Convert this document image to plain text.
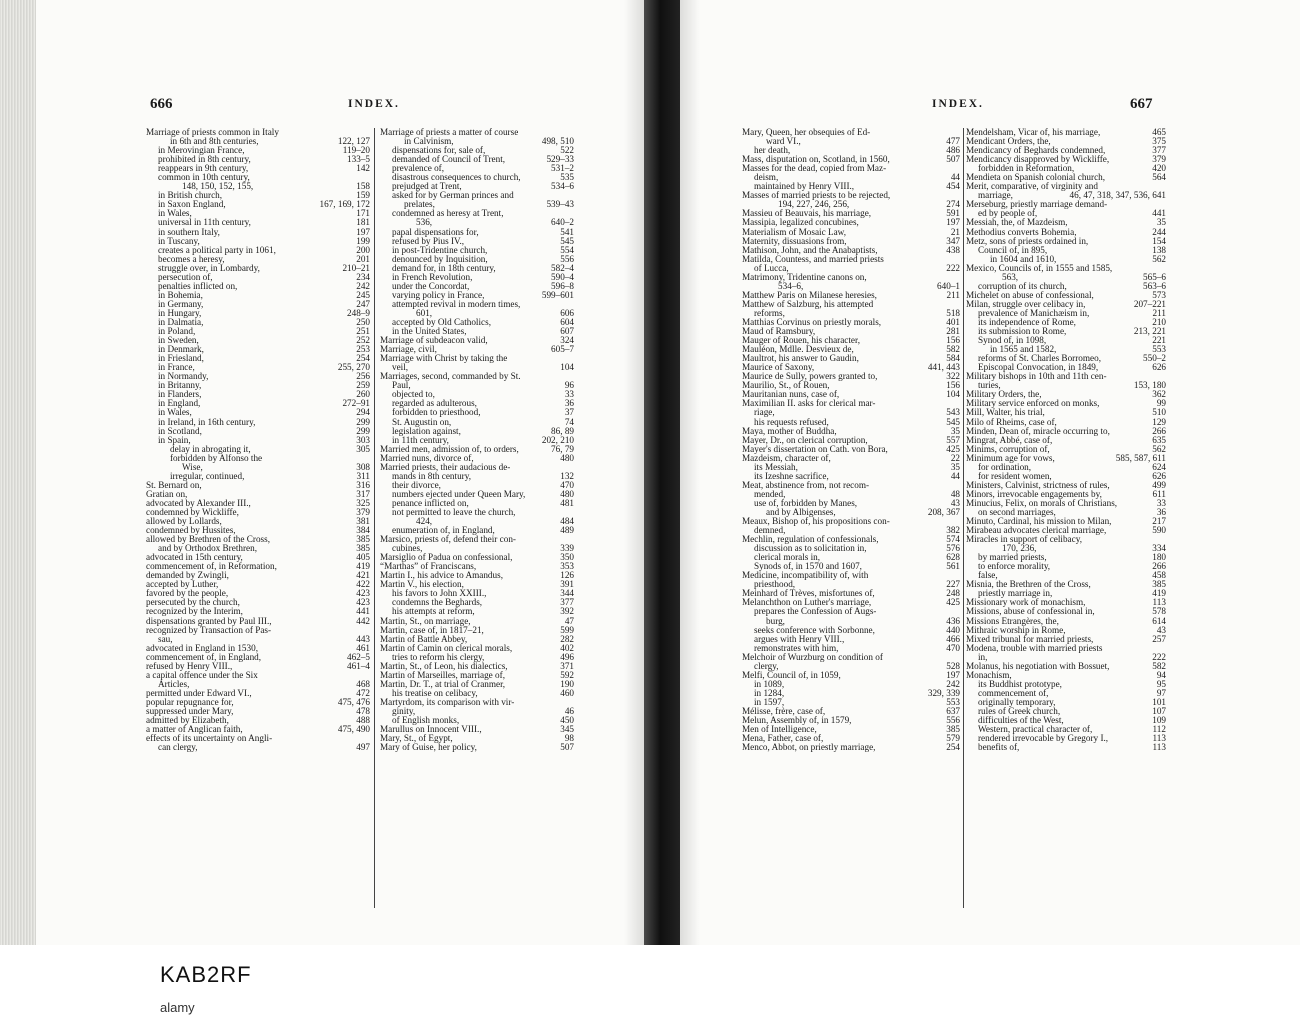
666	INDEX.	INDEX.	667
Marriage of priests common in Italy
in 6th and 8th centuries,	122, 127
in Merovingian France,	119–20
prohibited in 8th century,	133–5
reappears in 9th century,	142
common in 10th century,
148, 150, 152, 155,	158
in British church,	159
in Saxon England,	167, 169, 172
in Wales,	171
universal in 11th century,	181
in southern Italy,	197
in Tuscany,	199
creates a political party in 1061,	200
becomes a heresy,	201
struggle over, in Lombardy,	210–21
persecution of,	234
penalties inflicted on,	242
in Bohemia,	245
in Germany,	247
in Hungary,	248–9
in Dalmatia,	250
in Poland,	251
in Sweden,	252
in Denmark,	253
in Friesland,	254
in France,	255, 270
in Normandy,	256
in Britanny,	259
in Flanders,	260
in England,	272–91
in Wales,	294
in Ireland, in 16th century,	299
in Scotland,	299
in Spain,	303
delay in abrogating it,	305
forbidden by Alfonso the
Wise,	308
irregular, continued,	311
St. Bernard on,	316
Gratian on,	317
advocated by Alexander III.,	325
condemned by Wickliffe,	379
allowed by Lollards,	381
condemned by Hussites,	384
allowed by Brethren of the Cross,	385
and by Orthodox Brethren,	385
advocated in 15th century,	405
commencement of, in Reformation,	419
demanded by Zwingli,	421
accepted by Luther,	422
favored by the people,	423
persecuted by the church,	423
recognized by the Interim,	441
dispensations granted by Paul III.,	442
recognized by Transaction of Pas-
sau,	443
advocated in England in 1530,	461
commencement of, in England,	462–5
refused by Henry VIII.,	461–4
a capital offence under the Six
Articles,	468
permitted under Edward VI.,	472
popular repugnance for,	475, 476
suppressed under Mary,	478
admitted by Elizabeth,	488
a matter of Anglican faith,	475, 490
effects of its uncertainty on Angli-
can clergy,	497
Marriage of priests a matter of course
in Calvinism,	498, 510
dispensations for, sale of,	522
demanded of Council of Trent,	529–33
prevalence of,	531–2
disastrous consequences to church,	535
prejudged at Trent,	534–6
asked for by German princes and
prelates,	539–43
condemned as heresy at Trent,
536,	640–2
papal dispensations for,	541
refused by Pius IV.,	545
in post-Tridentine church,	554
denounced by Inquisition,	556
demand for, in 18th century,	582–4
in French Revolution,	590–4
under the Concordat,	596–8
varying policy in France,	599–601
attempted revival in modern times,
601,	606
accepted by Old Catholics,	604
in the United States,	607
Marriage of subdeacon valid,	324
Marriage, civil,	605–7
Marriage with Christ by taking the
veil,	104
Marriages, second, commanded by St.
Paul,	96
objected to,	33
regarded as adulterous,	36
forbidden to priesthood,	37
St. Augustin on,	74
legislation against,	86, 89
in 11th century,	202, 210
Married men, admission of, to orders,	76, 79
Married nuns, divorce of,	480
Married priests, their audacious de-
mands in 8th century,	132
their divorce,	470
numbers ejected under Queen Mary,	480
penance inflicted on,	481
not permitted to leave the church,
424,	484
enumeration of, in England,	489
Marsico, priests of, defend their con-
cubines,	339
Marsiglio of Padua on confessional,	350
“Marthas” of Franciscans,	353
Martin I., his advice to Amandus,	126
Martin V., his election,	391
his favors to John XXIII.,	344
condemns the Beghards,	377
his attempts at reform,	392
Martin, St., on marriage,	47
Martin, case of, in 1817–21,	599
Martin of Battle Abbey,	282
Martin of Camin on clerical morals,	402
tries to reform his clergy,	496
Martin, St., of Leon, his dialectics,	371
Martin of Marseilles, marriage of,	592
Martin, Dr. T., at trial of Cranmer,	190
his treatise on celibacy,	460
Martyrdom, its comparison with vir-
ginity,	46
of English monks,	450
Marullus on Innocent VIII.,	345
Mary, St., of Egypt,	98
Mary of Guise, her policy,	507
Mary, Queen, her obsequies of Ed-
ward VI.,	477
her death,	486
Mass, disputation on, Scotland, in 1560,	507
Masses for the dead, copied from Maz-
deism,	44
maintained by Henry VIII.,	454
Masses of married priests to be rejected,
194, 227, 246, 256,	274
Massieu of Beauvais, his marriage,	591
Massipia, legalized concubines,	197
Materialism of Mosaic Law,	21
Maternity, dissuasions from,	347
Mathison, John, and the Anabaptists,	438
Matilda, Countess, and married priests
of Lucca,	222
Matrimony, Tridentine canons on,
534–6,	640–1
Matthew Paris on Milanese heresies,	211
Matthew of Salzburg, his attempted
reforms,	518
Matthias Corvinus on priestly morals,	401
Maud of Ramsbury,	281
Mauger of Rouen, his character,	156
Mauléon, Mdlle. Desvieux de,	582
Maultrot, his answer to Gaudin,	584
Maurice of Saxony,	441, 443
Maurice de Sully, powers granted to,	322
Maurilio, St., of Rouen,	156
Mauritanian nuns, case of,	104
Maximilian II. asks for clerical mar-
riage,	543
his requests refused,	545
Maya, mother of Buddha,	35
Mayer, Dr., on clerical corruption,	557
Mayer's dissertation on Cath. von Bora,	425
Mazdeism, character of,	22
its Messiah,	35
its Izeshne sacrifice,	44
Meat, abstinence from, not recom-
mended,	48
use of, forbidden by Manes,	43
and by Albigenses,	208, 367
Meaux, Bishop of, his propositions con-
demned,	382
Mechlin, regulation of confessionals,	574
discussion as to solicitation in,	576
clerical morals in,	628
Synods of, in 1570 and 1607,	561
Medicine, incompatibility of, with
priesthood,	227
Meinhard of Trèves, misfortunes of,	248
Melanchthon on Luther's marriage,	425
prepares the Confession of Augs-
burg,	436
seeks conference with Sorbonne,	440
argues with Henry VIII.,	466
remonstrates with him,	470
Melchoir of Wurzburg on condition of
clergy,	528
Melfi, Council of, in 1059,	197
in 1089,	242
in 1284,	329, 339
in 1597,	553
Mélisse, frère, case of,	637
Melun, Assembly of, in 1579,	556
Men of Intelligence,	385
Mena, Father, case of,	579
Menco, Abbot, on priestly marriage,	254
Mendelsham, Vicar of, his marriage,	465
Mendicant Orders, the,	375
Mendicancy of Beghards condemned,	377
Mendicancy disapproved by Wickliffe,	379
forbidden in Reformation,	420
Mendieta on Spanish colonial church,	564
Merit, comparative, of virginity and
marriage,	46, 47, 318, 347, 536, 641
Merseburg, priestly marriage demand-
ed by people of,	441
Messiah, the, of Mazdeism,	35
Methodius converts Bohemia,	244
Metz, sons of priests ordained in,	154
Council of, in 895,	138
in 1604 and 1610,	562
Mexico, Councils of, in 1555 and 1585,
563,	565–6
corruption of its church,	563–6
Michelet on abuse of confessional,	573
Milan, struggle over celibacy in,	207–221
prevalence of Manichæism in,	211
its independence of Rome,	210
its submission to Rome,	213, 221
Synod of, in 1098,	221
in 1565 and 1582,	553
reforms of St. Charles Borromeo,	550–2
Episcopal Convocation, in 1849,	626
Military bishops in 10th and 11th cen-
turies,	153, 180
Military Orders, the,	362
Military service enforced on monks,	99
Mill, Walter, his trial,	510
Milo of Rheims, case of,	129
Minden, Dean of, miracle occurring to,	266
Mingrat, Abbé, case of,	635
Minims, corruption of,	562
Minimum age for vows,	585, 587, 611
for ordination,	624
for resident women,	626
Ministers, Calvinist, strictness of rules,	499
Minors, irrevocable engagements by,	611
Minucius, Felix, on morals of Christians,	33
on second marriages,	36
Minuto, Cardinal, his mission to Milan,	217
Mirabeau advocates clerical marriage,	590
Miracles in support of celibacy,
170, 236,	334
by married priests,	180
to enforce morality,	266
false,	458
Misnia, the Brethren of the Cross,	385
priestly marriage in,	419
Missionary work of monachism,	113
Missions, abuse of confessional in,	578
Missions Étrangères, the,	614
Mithraic worship in Rome,	43
Mixed tribunal for married priests,	257
Modena, trouble with married priests
in,	222
Molanus, his negotiation with Bossuet,	582
Monachism,	94
its Buddhist prototype,	95
commencement of,	97
originally temporary,	101
rules of Greek church,	107
difficulties of the West,	109
Western, practical character of,	112
rendered irrevocable by Gregory I.,	113
benefits of,	113
KAB2RF
alamy
